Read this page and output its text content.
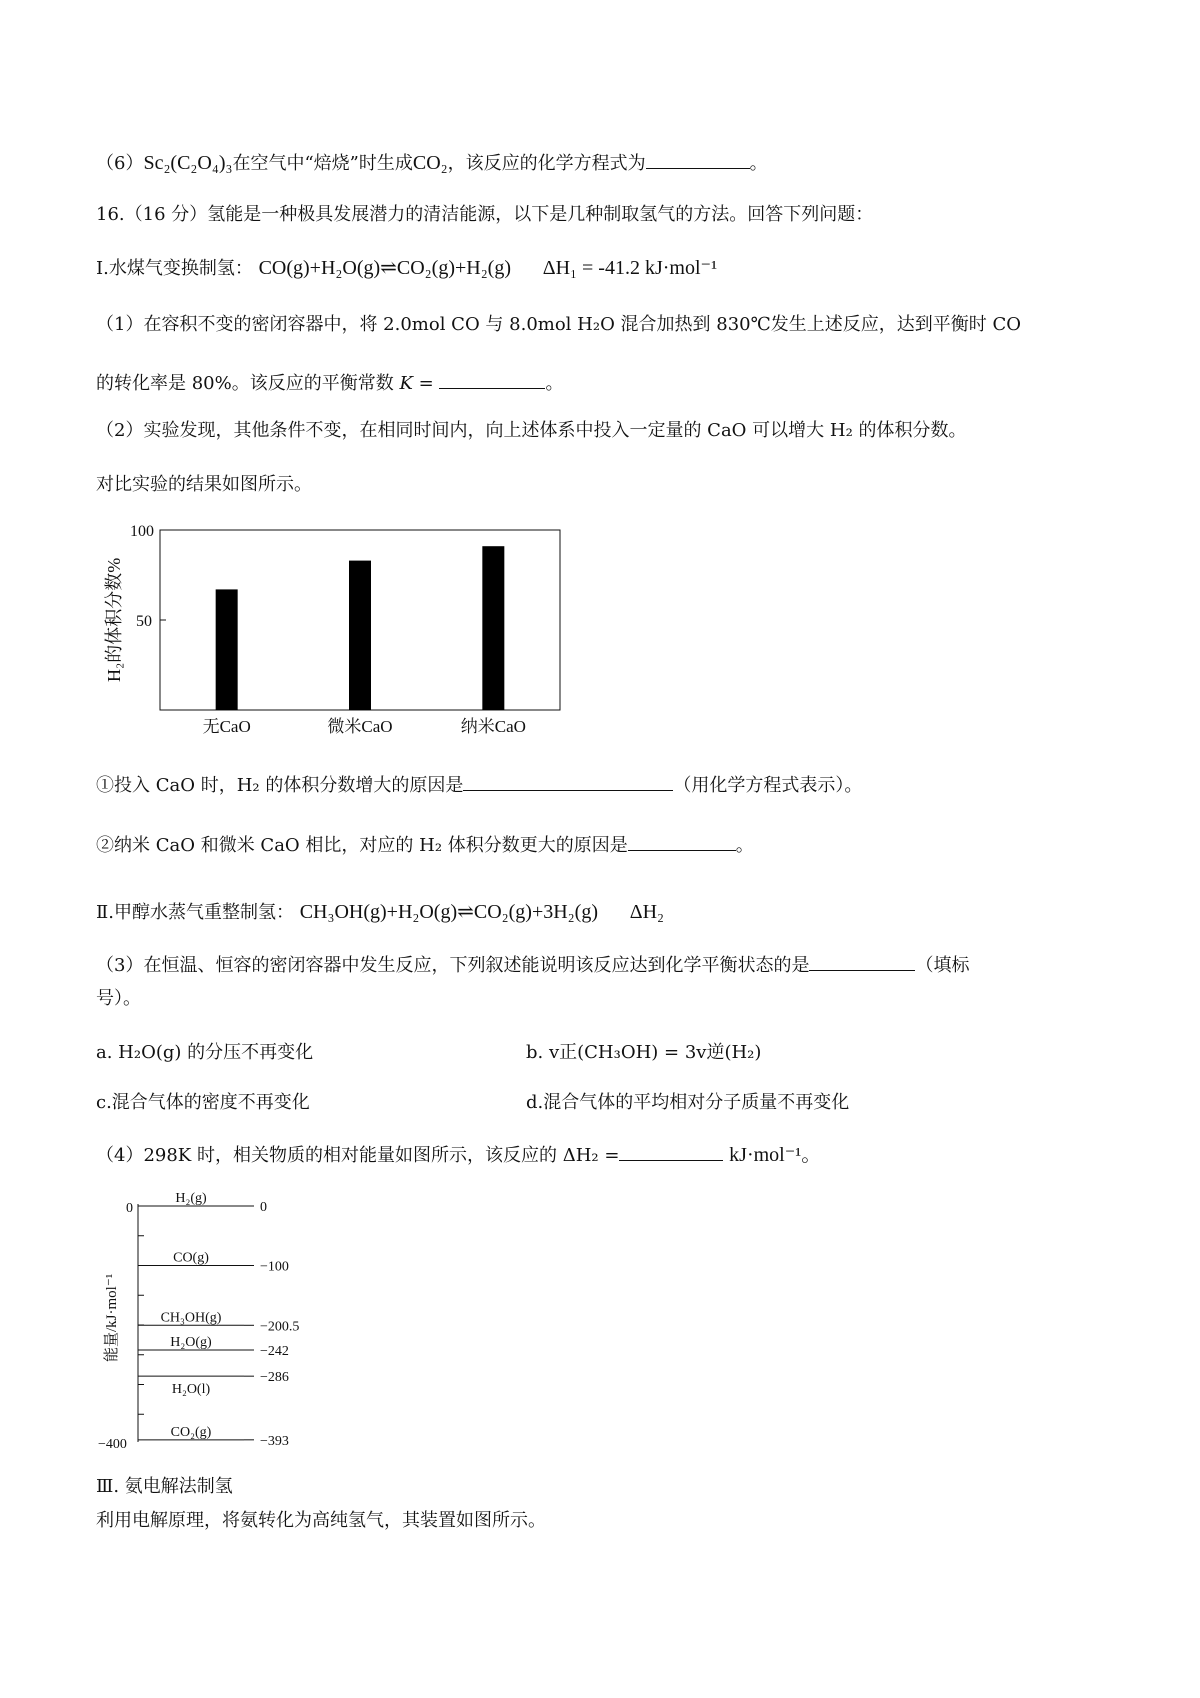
（6）Sc₂(C₂O₄)₃在空气中“焙烧”时生成CO₂，该反应的化学方程式为	。
16.（16 分）氢能是一种极具发展潜力的清洁能源，以下是几种制取氢气的方法。回答下列问题：
Ⅰ.水煤气变换制氢： CO(g)+H₂O(g)⇌CO₂(g)+H₂(g) ΔH₁ = -41.2 kJ·mol⁻¹
（1）在容积不变的密闭容器中，将 2.0mol CO 与 8.0mol H₂O 混合加热到 830℃发生上述反应，达到平衡时 CO
的转化率是 80%。该反应的平衡常数 K =	。
（2）实验发现，其他条件不变，在相同时间内，向上述体系中投入一定量的 CaO 可以增大 H₂ 的体积分数。
对比实验的结果如图所示。
100
50
H₂的体积分数%
无CaO	微米CaO	纳米CaO
①投入 CaO 时，H₂ 的体积分数增大的原因是	（用化学方程式表示）。
②纳米 CaO 和微米 CaO 相比，对应的 H₂ 体积分数更大的原因是	。
Ⅱ.甲醇水蒸气重整制氢： CH₃OH(g)+H₂O(g)⇌CO₂(g)+3H₂(g) ΔH₂
（3）在恒温、恒容的密闭容器中发生反应，下列叙述能说明该反应达到化学平衡状态的是	（填标
号）。
a. H₂O(g) 的分压不再变化	b. v正(CH₃OH) = 3v逆(H₂)
c.混合气体的密度不再变化	d.混合气体的平均相对分子质量不再变化
（4）298K 时，相关物质的相对能量如图所示，该反应的 ΔH₂ =	kJ·mol⁻¹。
0
−400
能量/kJ·mol⁻¹
H₂(g)
0
CO(g)
−100
CH₃OH(g)
−200.5
H₂O(g)
−242
H₂O(l)
−286
CO₂(g)
−393
Ⅲ. 氨电解法制氢
利用电解原理，将氨转化为高纯氢气，其装置如图所示。
